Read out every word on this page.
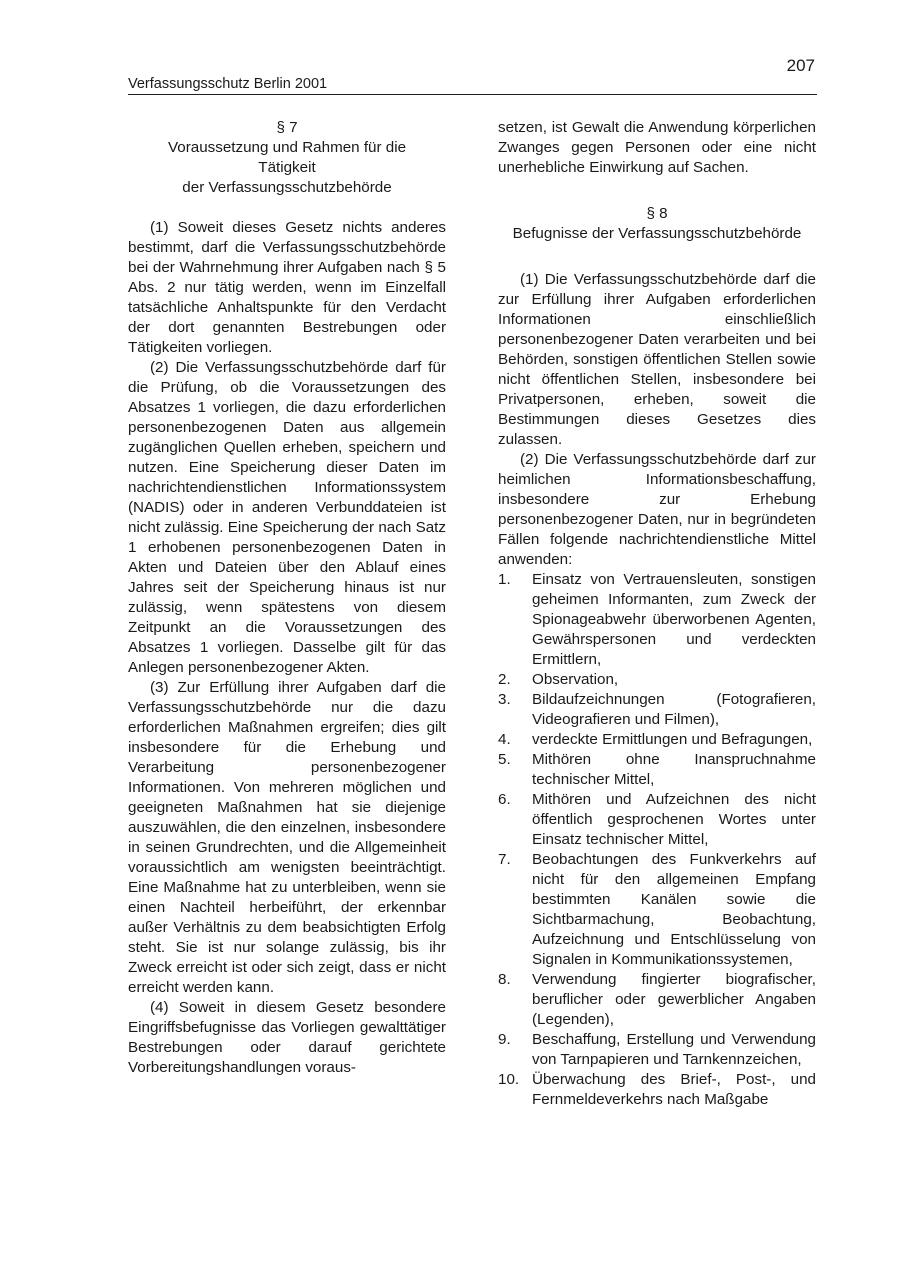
207
Verfassungsschutz Berlin 2001

§ 7

Voraussetzung und Rahmen für die

Tätigkeit

der Verfassungsschutzbehörde

(1) Soweit dieses Gesetz nichts anderes bestimmt, darf die Verfassungsschutzbehörde bei der Wahrnehmung ihrer Aufgaben nach § 5 Abs. 2 nur tätig werden, wenn im Einzelfall tatsächliche Anhaltspunkte für den Verdacht der dort genannten Bestrebungen oder Tätigkeiten vorliegen.

(2) Die Verfassungsschutzbehörde darf für die Prüfung, ob die Voraussetzungen des Absatzes 1 vorliegen, die dazu erforderlichen personenbezogenen Daten aus allgemein zugänglichen Quellen erheben, speichern und nutzen. Eine Speicherung dieser Daten im nachrichtendienstlichen Informationssystem (NADIS) oder in anderen Verbunddateien ist nicht zulässig. Eine Speicherung der nach Satz 1 erhobenen personenbezogenen Daten in Akten und Dateien über den Ablauf eines Jahres seit der Speicherung hinaus ist nur zulässig, wenn spätestens von diesem Zeitpunkt an die Voraussetzungen des Absatzes 1 vorliegen. Dasselbe gilt für das Anlegen personenbezogener Akten.

(3) Zur Erfüllung ihrer Aufgaben darf die Verfassungsschutzbehörde nur die dazu erforderlichen Maßnahmen ergreifen; dies gilt insbesondere für die Erhebung und Verarbeitung personenbezogener Informationen. Von mehreren möglichen und geeigneten Maßnahmen hat sie diejenige auszuwählen, die den einzelnen, insbesondere in seinen Grundrechten, und die Allgemeinheit voraussichtlich am wenigsten beeinträchtigt. Eine Maßnahme hat zu unterbleiben, wenn sie einen Nachteil herbeiführt, der erkennbar außer Verhältnis zu dem beabsichtigten Erfolg steht. Sie ist nur solange zulässig, bis ihr Zweck erreicht ist oder sich zeigt, dass er nicht erreicht werden kann.

(4) Soweit in diesem Gesetz besondere Eingriffsbefugnisse das Vorliegen gewalttätiger Bestrebungen oder darauf gerichtete Vorbereitungshandlungen voraus-

setzen, ist Gewalt die Anwendung körperlichen Zwanges gegen Personen oder eine nicht unerhebliche Einwirkung auf Sachen.

§ 8

Befugnisse der Verfassungsschutzbehörde

(1) Die Verfassungsschutzbehörde darf die zur Erfüllung ihrer Aufgaben erforderlichen Informationen einschließlich personenbezogener Daten verarbeiten und bei Behörden, sonstigen öffentlichen Stellen sowie nicht öffentlichen Stellen, insbesondere bei Privatpersonen, erheben, soweit die Bestimmungen dieses Gesetzes dies zulassen.

(2) Die Verfassungsschutzbehörde darf zur heimlichen Informationsbeschaffung, insbesondere zur Erhebung personenbezogener Daten, nur in begründeten Fällen folgende nachrichtendienstliche Mittel anwenden:

1.	Einsatz von Vertrauensleuten, sonstigen geheimen Informanten, zum Zweck der Spionageabwehr überworbenen Agenten, Gewährspersonen und verdeckten Ermittlern,
2.	Observation,
3.	Bildaufzeichnungen (Fotografieren, Videografieren und Filmen),
4.	verdeckte Ermittlungen und Befragungen,
5.	Mithören ohne Inanspruchnahme technischer Mittel,
6.	Mithören und Aufzeichnen des nicht öffentlich gesprochenen Wortes unter Einsatz technischer Mittel,
7.	Beobachtungen des Funkverkehrs auf nicht für den allgemeinen Empfang bestimmten Kanälen sowie die Sichtbarmachung, Beobachtung, Aufzeichnung und Entschlüsselung von Signalen in Kommunikationssystemen,
8.	Verwendung fingierter biografischer, beruflicher oder gewerblicher Angaben (Legenden),
9.	Beschaffung, Erstellung und Verwendung von Tarnpapieren und Tarnkennzeichen,
10. Überwachung des Brief-, Post-, und Fernmeldeverkehrs nach Maßgabe
